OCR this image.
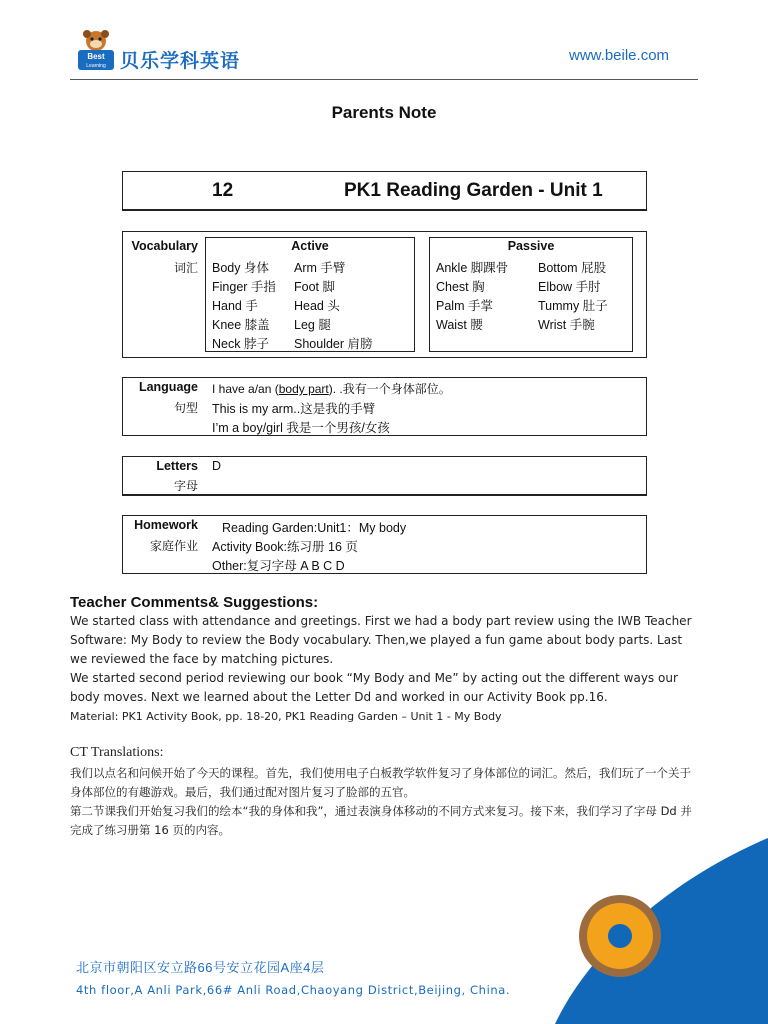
Best
Learning 贝乐学科英语	www.beile.com
Parents Note
12	PK1 Reading Garden - Unit 1
Vocabulary
词汇
Active
Body 身体 Arm 手臂
Finger 手指 Foot 脚
Hand 手	Head 头
Knee 膝盖 Leg 腿
Neck 脖子 Shoulder 肩膀
Passive
Ankle 脚踝骨 Bottom 屁股
Chest 胸	Elbow 手肘
Palm 手掌	Tummy 肚子
Waist 腰	Wrist 手腕
Language
句型
I have a/an (body part). .我有一个身体部位。
This is my arm..这是我的手臂
I’m a boy/girl 我是一个男孩/女孩
Letters
字母
D
Homework
家庭作业
Reading Garden:Unit1：My body
Activity Book:练习册 16 页
Other:复习字母 A B C D
Teacher Comments& Suggestions:
We started class with attendance and greetings. First we had a body part review using the IWB Teacher Software: My Body to review the Body vocabulary. Then,we played a fun game about body parts. Last we reviewed the face by matching pictures.
We started second period reviewing our book “My Body and Me” by acting out the different ways our body moves. Next we learned about the Letter Dd and worked in our Activity Book pp.16.
Material: PK1 Activity Book, pp. 18-20, PK1 Reading Garden – Unit 1 - My Body
CT Translations:
我们以点名和问候开始了今天的课程。首先，我们使用电子白板教学软件复习了身体部位的词汇。然后，我们玩了一个关于身体部位的有趣游戏。最后，我们通过配对图片复习了脸部的五官。
第二节课我们开始复习我们的绘本“我的身体和我”，通过表演身体移动的不同方式来复习。接下来，我们学习了字母 Dd 并完成了练习册第 16 页的内容。
北京市朝阳区安立路66号安立花园A座4层
4th floor,A Anli Park,66# Anli Road,Chaoyang District,Beijing, China.
